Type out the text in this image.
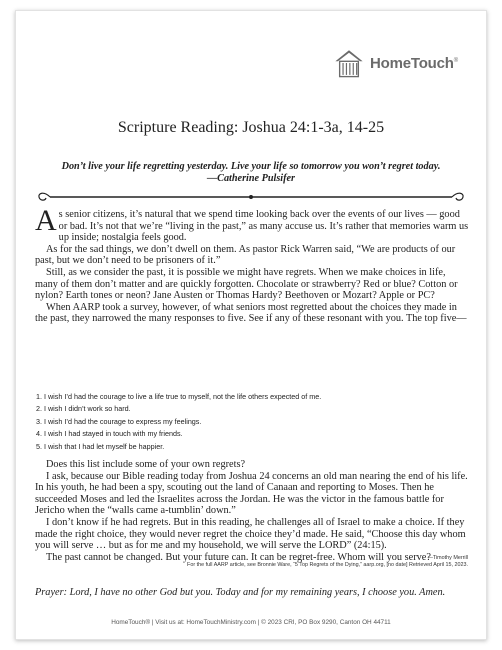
HomeTouch®
Scripture Reading: Joshua 24:1-3a, 14-25
Don’t live your life regretting yesterday. Live your life so tomorrow you won’t regret today.
—Catherine Pulsifer

As senior citizens, it’s natural that we spend time looking back over the events of our lives — good or bad. It’s not that we’re “living in the past,” as many accuse us. It’s rather that memories warm us up inside; nostalgia feels good.

As for the sad things, we don’t dwell on them. As pastor Rick Warren said, “We are products of our past, but we don’t need to be prisoners of it.”

Still, as we consider the past, it is possible we might have regrets. When we make choices in life, many of them don’t matter and are quickly forgotten. Chocolate or strawberry? Red or blue? Cotton or nylon? Earth tones or neon? Jane Austen or Thomas Hardy? Beethoven or Mozart? Apple or PC?

When AARP took a survey, however, of what seniors most regretted about the choices they made in the past, they narrowed the many responses to five. See if any of these resonant with you. The top five—

1. I wish I’d had the courage to live a life true to myself, not the life others expected of me.
2. I wish I didn’t work so hard.
3. I wish I’d had the courage to express my feelings.
4. I wish I had stayed in touch with my friends.
5. I wish that I had let myself be happier.

Does this list include some of your own regrets?

I ask, because our Bible reading today from Joshua 24 concerns an old man nearing the end of his life. In his youth, he had been a spy, scouting out the land of Canaan and reporting to Moses. Then he succeeded Moses and led the Israelites across the Jordan. He was the victor in the famous battle for Jericho when the “walls came a-tumblin’ down.”

I don’t know if he had regrets. But in this reading, he challenges all of Israel to make a choice. If they made the right choice, they would never regret the choice they’d made. He said, “Choose this day whom you will serve … but as for me and my household, we will serve the LORD” (24:15).

The past cannot be changed. But your future can. It can be regret-free. Whom will you serve?

—Timothy Merrill
For the full AARP article, see Bronnie Ware, “5 Top Regrets of the Dying,” aarp.org, [no date] Retrieved April 15, 2023.
Prayer: Lord, I have no other God but you. Today and for my remaining years, I choose you. Amen.
HomeTouch® | Visit us at: HomeTouchMinistry.com | © 2023 CRI, PO Box 9290, Canton OH 44711
